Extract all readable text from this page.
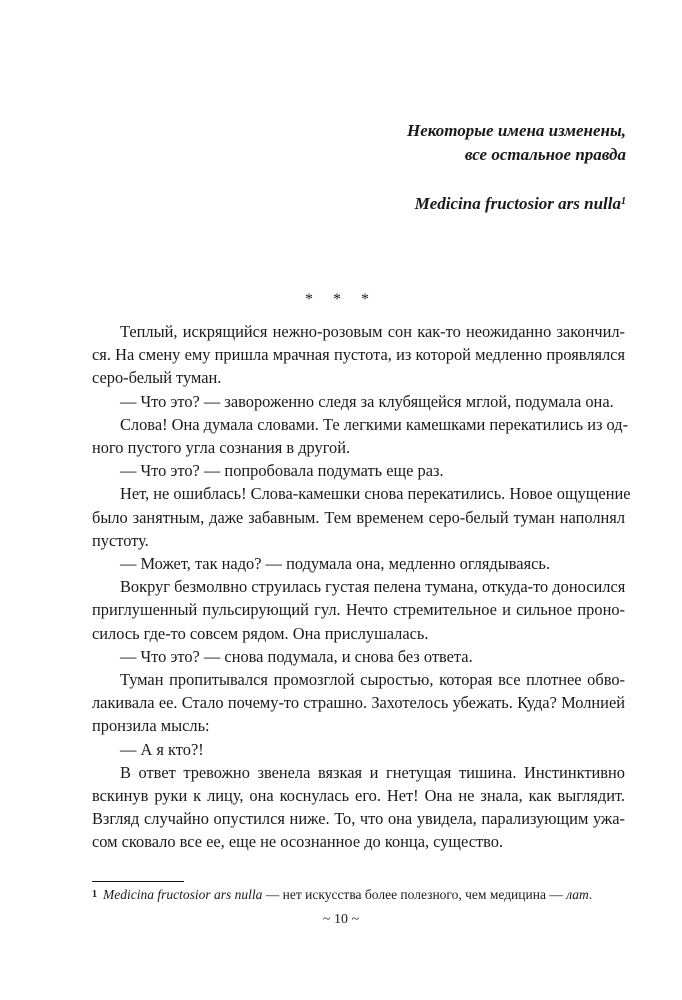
Некоторые имена изменены,
все остальное правда
Medicina fructosior ars nulla$^1$
* * *
Теплый, искрящийся нежно-розовым сон как-то неожиданно закончил-
ся. На смену ему пришла мрачная пустота, из которой медленно проявлялся
серо-белый туман.
— Что это? — завороженно следя за клубящейся мглой, подумала она.
Слова! Она думала словами. Те легкими камешками перекатились из од-
ного пустого угла сознания в другой.
— Что это? — попробовала подумать еще раз.
Нет, не ошиблась! Слова-камешки снова перекатились. Новое ощущение
было занятным, даже забавным. Тем временем серо-белый туман наполнял
пустоту.
— Может, так надо? — подумала она, медленно оглядываясь.
Вокруг безмолвно струилась густая пелена тумана, откуда-то доносился
приглушенный пульсирующий гул. Нечто стремительное и сильное проно-
силось где-то совсем рядом. Она прислушалась.
— Что это? — снова подумала, и снова без ответа.
Туман пропитывался промозглой сыростью, которая все плотнее обво-
лакивала ее. Стало почему-то страшно. Захотелось убежать. Куда? Молнией
пронзила мысль:
— А я кто?!
В ответ тревожно звенела вязкая и гнетущая тишина. Инстинктивно
вскинув руки к лицу, она коснулась его. Нет! Она не знала, как выглядит.
Взгляд случайно опустился ниже. То, что она увидела, парализующим ужа-
сом сковало все ее, еще не осознанное до конца, существо.
$^1$ Medicina fructosior ars nulla — нет искусства более полезного, чем медицина — лат.
~ 10 ~
